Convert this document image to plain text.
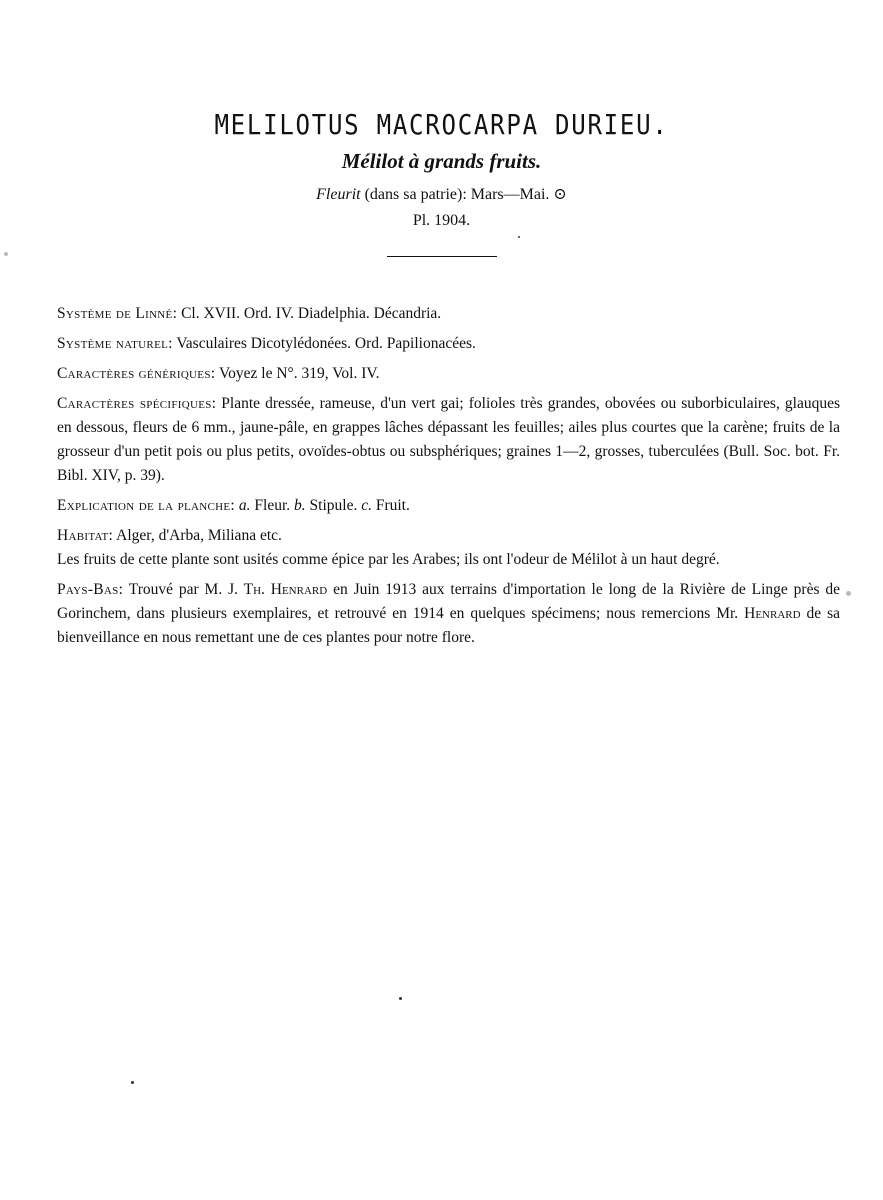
MELILOTUS MACROCARPA DURIEU.
Mélilot à grands fruits.
Fleurit (dans sa patrie): Mars—Mai. ⊙
Pl. 1904.

Système de Linné: Cl. XVII. Ord. IV. Diadelphia. Décandria.

Système naturel: Vasculaires Dicotylédonées. Ord. Papilionacées.

Caractères génériques: Voyez le N°. 319, Vol. IV.

Caractères spécifiques: Plante dressée, rameuse, d'un vert gai; folioles très grandes, obovées ou suborbiculaires, glauques en dessous, fleurs de 6 mm., jaune-pâle, en grappes lâches dépassant les feuilles; ailes plus courtes que la carène; fruits de la grosseur d'un petit pois ou plus petits, ovoïdes-obtus ou subsphériques; graines 1—2, grosses, tuberculées (Bull. Soc. bot. Fr. Bibl. XIV, p. 39).

Explication de la planche: a. Fleur. b. Stipule. c. Fruit.

Habitat: Alger, d'Arba, Miliana etc.

Les fruits de cette plante sont usités comme épice par les Arabes; ils ont l'odeur de Mélilot à un haut degré.

Pays-Bas: Trouvé par M. J. Th. Henrard en Juin 1913 aux terrains d'importation le long de la Rivière de Linge près de Gorinchem, dans plusieurs exemplaires, et retrouvé en 1914 en quelques spécimens; nous remercions Mr. Henrard de sa bienveillance en nous remettant une de ces plantes pour notre flore.
